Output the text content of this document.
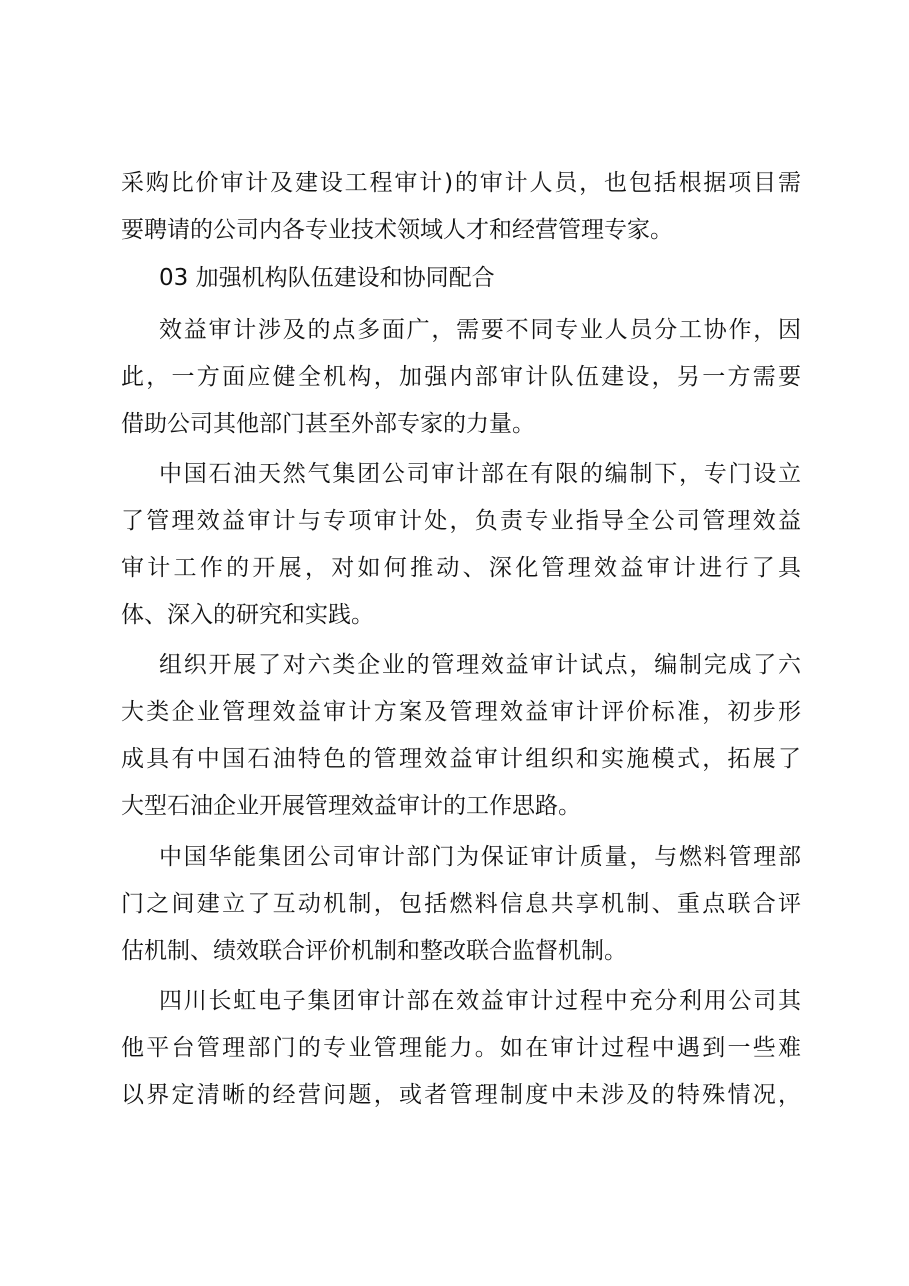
采购比价审计及建设工程审计)的审计人员，也包括根据项目需
要聘请的公司内各专业技术领域人才和经营管理专家。
03 加强机构队伍建设和协同配合
效益审计涉及的点多面广，需要不同专业人员分工协作，因
此，一方面应健全机构，加强内部审计队伍建设，另一方需要
借助公司其他部门甚至外部专家的力量。
中国石油天然气集团公司审计部在有限的编制下，专门设立
了管理效益审计与专项审计处，负责专业指导全公司管理效益
审计工作的开展，对如何推动、深化管理效益审计进行了具
体、深入的研究和实践。
组织开展了对六类企业的管理效益审计试点，编制完成了六
大类企业管理效益审计方案及管理效益审计评价标准，初步形
成具有中国石油特色的管理效益审计组织和实施模式，拓展了
大型石油企业开展管理效益审计的工作思路。
中国华能集团公司审计部门为保证审计质量，与燃料管理部
门之间建立了互动机制，包括燃料信息共享机制、重点联合评
估机制、绩效联合评价机制和整改联合监督机制。
四川长虹电子集团审计部在效益审计过程中充分利用公司其
他平台管理部门的专业管理能力。如在审计过程中遇到一些难
以界定清晰的经营问题，或者管理制度中未涉及的特殊情况，
